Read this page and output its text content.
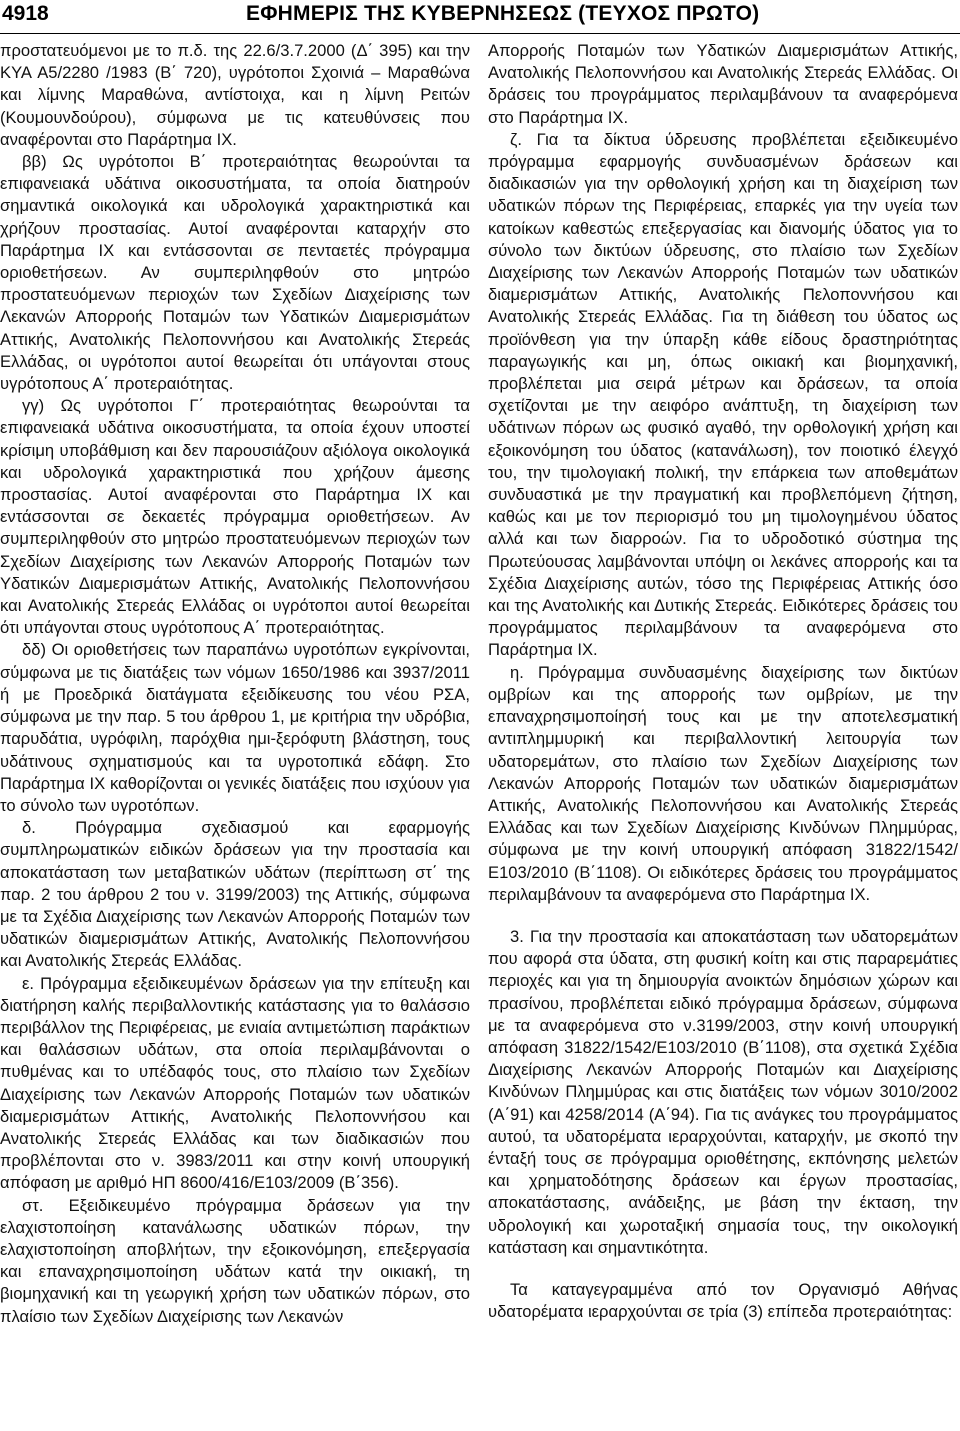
4918	ΕΦΗΜΕΡΙΣ ΤΗΣ ΚΥΒΕΡΝΗΣΕΩΣ (ΤΕΥΧΟΣ ΠΡΩΤΟ)

προστατευόμενοι με το π.δ. της 22.6/3.7.2000 (Δ΄ 395) και την ΚΥΑ Α5/2280 /1983 (Β΄ 720), υγρότοποι Σχοινιά – Μαραθώνα και λίμνης Μαραθώνα, αντίστοιχα, και η λίμνη Ρειτών (Κουμουνδούρου), σύμφωνα με τις κατευθύνσεις που αναφέρονται στο Παράρτημα ΙΧ.

ββ) Ως υγρότοποι Β΄ προτεραιότητας θεωρούνται τα επιφανειακά υδάτινα οικοσυστήματα, τα οποία διατηρούν σημαντικά οικολογικά και υδρολογικά χαρακτηριστικά και χρήζουν προστασίας. Αυτοί αναφέρονται καταρχήν στο Παράρτημα ΙΧ και εντάσσονται σε πενταετές πρόγραμμα οριοθετήσεων. Αν συμπεριληφθούν στο μητρώο προστατευόμενων περιοχών των Σχεδίων Διαχείρισης των Λεκανών Απορροής Ποταμών των Υδατικών Διαμερισμάτων Αττικής, Ανατολικής Πελοποννήσου και Ανατολικής Στερεάς Ελλάδας, οι υγρότοποι αυτοί θεωρείται ότι υπάγονται στους υγρότοπους Α΄ προτεραιότητας.

γγ) Ως υγρότοποι Γ΄ προτεραιότητας θεωρούνται τα επιφανειακά υδάτινα οικοσυστήματα, τα οποία έχουν υποστεί κρίσιμη υποβάθμιση και δεν παρουσιάζουν αξιόλογα οικολογικά και υδρολογικά χαρακτηριστικά που χρήζουν άμεσης προστασίας. Αυτοί αναφέρονται στο Παράρτημα ΙΧ και εντάσσονται σε δεκαετές πρόγραμμα οριοθετήσεων. Αν συμπεριληφθούν στο μητρώο προστατευόμενων περιοχών των Σχεδίων Διαχείρισης των Λεκανών Απορροής Ποταμών των Υδατικών Διαμερισμάτων Αττικής, Ανατολικής Πελοποννήσου και Ανατολικής Στερεάς Ελλάδας οι υγρότοποι αυτοί θεωρείται ότι υπάγονται στους υγρότοπους Α΄ προτεραιότητας.

δδ) Οι οριοθετήσεις των παραπάνω υγροτόπων εγκρίνονται, σύμφωνα με τις διατάξεις των νόμων 1650/1986 και 3937/2011 ή με Προεδρικά διατάγματα εξειδίκευσης του νέου ΡΣΑ, σύμφωνα με την παρ. 5 του άρθρου 1, με κριτήρια την υδρόβια, παρυδάτια, υγρόφιλη, παρόχθια ημι-ξερόφυτη βλάστηση, τους υδάτινους σχηματισμούς και τα υγροτοπικά εδάφη. Στο Παράρτημα ΙΧ καθορίζονται οι γενικές διατάξεις που ισχύουν για το σύνολο των υγροτόπων.

δ. Πρόγραμμα σχεδιασμού και εφαρμογής συμπληρωματικών ειδικών δράσεων για την προστασία και αποκατάσταση των μεταβατικών υδάτων (περίπτωση στ΄ της παρ. 2 του άρθρου 2 του ν. 3199/2003) της Αττικής, σύμφωνα με τα Σχέδια Διαχείρισης των Λεκανών Απορροής Ποταμών των υδατικών διαμερισμάτων Αττικής, Ανατολικής Πελοποννήσου και Ανατολικής Στερεάς Ελλάδας.

ε. Πρόγραμμα εξειδικευμένων δράσεων για την επίτευξη και διατήρηση καλής περιβαλλοντικής κατάστασης για το θαλάσσιο περιβάλλον της Περιφέρειας, με ενιαία αντιμετώπιση παράκτιων και θαλάσσιων υδάτων, στα οποία περιλαμβάνονται ο πυθμένας και το υπέδαφός τους, στο πλαίσιο των Σχεδίων Διαχείρισης των Λεκανών Απορροής Ποταμών των υδατικών διαμερισμάτων Αττικής, Ανατολικής Πελοποννήσου και Ανατολικής Στερεάς Ελλάδας και των διαδικασιών που προβλέπονται στο ν. 3983/2011 και στην κοινή υπουργική απόφαση με αριθμό ΗΠ 8600/416/Ε103/2009 (Β΄356).

στ. Εξειδικευμένο πρόγραμμα δράσεων για την ελαχιστοποίηση κατανάλωσης υδατικών πόρων, την ελαχιστοποίηση αποβλήτων, την εξοικονόμηση, επεξεργασία και επαναχρησιμοποίηση υδάτων κατά την οικιακή, τη βιομηχανική και τη γεωργική χρήση των υδατικών πόρων, στο πλαίσιο των Σχεδίων Διαχείρισης των Λεκανών

Απορροής Ποταμών των Υδατικών Διαμερισμάτων Αττικής, Ανατολικής Πελοποννήσου και Ανατολικής Στερεάς Ελλάδας. Οι δράσεις του προγράμματος περιλαμβάνουν τα αναφερόμενα στο Παράρτημα ΙΧ.

ζ. Για τα δίκτυα ύδρευσης προβλέπεται εξειδικευμένο πρόγραμμα εφαρμογής συνδυασμένων δράσεων και διαδικασιών για την ορθολογική χρήση και τη διαχείριση των υδατικών πόρων της Περιφέρειας, επαρκές για την υγεία των κατοίκων καθεστώς επεξεργασίας και διανομής ύδατος για το σύνολο των δικτύων ύδρευσης, στο πλαίσιο των Σχεδίων Διαχείρισης των Λεκανών Απορροής Ποταμών των υδατικών διαμερισμάτων Αττικής, Ανατολικής Πελοποννήσου και Ανατολικής Στερεάς Ελλάδας. Για τη διάθεση του ύδατος ως προϊόνθεση για την ύπαρξη κάθε είδους δραστηριότητας παραγωγικής και μη, όπως οικιακή και βιομηχανική, προβλέπεται μια σειρά μέτρων και δράσεων, τα οποία σχετίζονται με την αειφόρο ανάπτυξη, τη διαχείριση των υδάτινων πόρων ως φυσικό αγαθό, την ορθολογική χρήση και εξοικονόμηση του ύδατος (κατανάλωση), τον ποιοτικό έλεγχό του, την τιμολογιακή πολική, την επάρκεια των αποθεμάτων συνδυαστικά με την πραγματική και προβλεπόμενη ζήτηση, καθώς και με τον περιορισμό του μη τιμολογημένου ύδατος αλλά και των διαρροών. Για το υδροδοτικό σύστημα της Πρωτεύουσας λαμβάνονται υπόψη οι λεκάνες απορροής και τα Σχέδια Διαχείρισης αυτών, τόσο της Περιφέρειας Αττικής όσο και της Ανατολικής και Δυτικής Στερεάς. Ειδικότερες δράσεις του προγράμματος περιλαμβάνουν τα αναφερόμενα στο Παράρτημα ΙΧ.

η. Πρόγραμμα συνδυασμένης διαχείρισης των δικτύων ομβρίων και της απορροής των ομβρίων, με την επαναχρησιμοποίησή τους και με την αποτελεσματική αντιπλημμυρική και περιβαλλοντική λειτουργία των υδατορεμάτων, στο πλαίσιο των Σχεδίων Διαχείρισης των Λεκανών Απορροής Ποταμών των υδατικών διαμερισμάτων Αττικής, Ανατολικής Πελοποννήσου και Ανατολικής Στερεάς Ελλάδας και των Σχεδίων Διαχείρισης Κινδύνων Πλημμύρας, σύμφωνα με την κοινή υπουργική απόφαση 31822/1542/Ε103/2010 (Β΄1108). Οι ειδικότερες δράσεις του προγράμματος περιλαμβάνουν τα αναφερόμενα στο Παράρτημα ΙΧ.

3. Για την προστασία και αποκατάσταση των υδατορεμάτων που αφορά στα ύδατα, στη φυσική κοίτη και στις παραρεμάτιες περιοχές και για τη δημιουργία ανοικτών δημόσιων χώρων και πρασίνου, προβλέπεται ειδικό πρόγραμμα δράσεων, σύμφωνα με τα αναφερόμενα στο ν.3199/2003, στην κοινή υπουργική απόφαση 31822/1542/Ε103/2010 (Β΄1108), στα σχετικά Σχέδια Διαχείρισης Λεκανών Απορροής Ποταμών και Διαχείρισης Κινδύνων Πλημμύρας και στις διατάξεις των νόμων 3010/2002 (Α΄91) και 4258/2014 (Α΄94). Για τις ανάγκες του προγράμματος αυτού, τα υδατορέματα ιεραρχούνται, καταρχήν, με σκοπό την ένταξή τους σε πρόγραμμα οριοθέτησης, εκπόνησης μελετών και χρηματοδότησης δράσεων και έργων προστασίας, αποκατάστασης, ανάδειξης, με βάση την έκταση, την υδρολογική και χωροταξική σημασία τους, την οικολογική κατάσταση και σημαντικότητα.

Τα καταγεγραμμένα από τον Οργανισμό Αθήνας υδατορέματα ιεραρχούνται σε τρία (3) επίπεδα προτεραιότητας:
